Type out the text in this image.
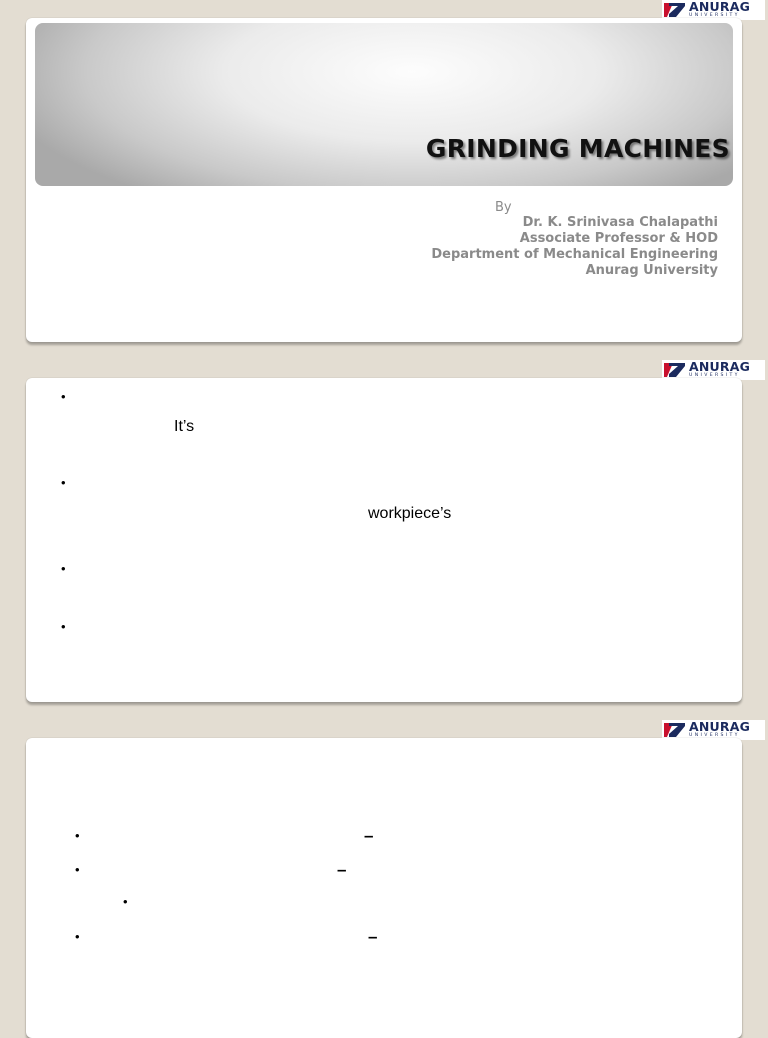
ANURAG
UNIVERSITY
ANURAG
UNIVERSITY
ANURAG
UNIVERSITY
GRINDING MACHINES
By
Dr. K. Srinivasa Chalapathi
Associate Professor & HOD
Department of Mechanical Engineering
Anurag University
•
It’s
•
workpiece’s
•
•
•	–
•	–
•
•	–
